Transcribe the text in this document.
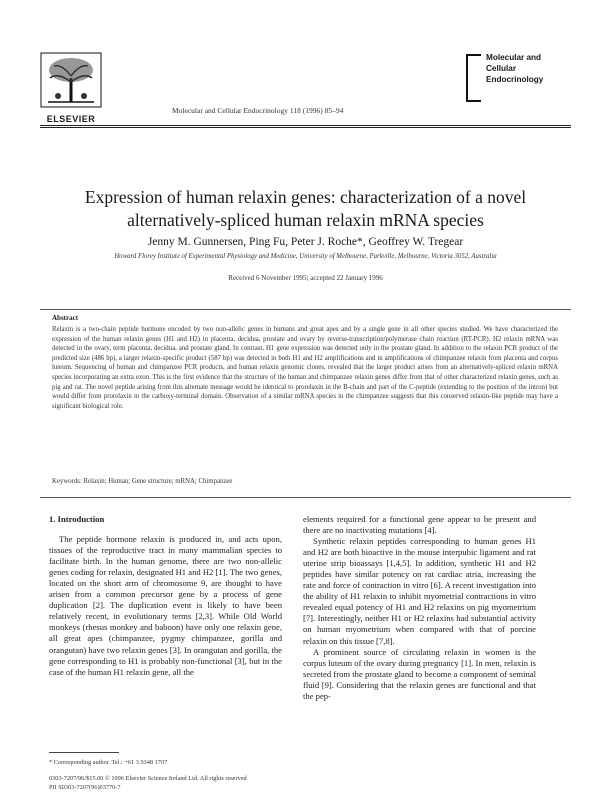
ELSEVIER
Molecular and Cellular Endocrinology 118 (1996) 85–94
Molecular and
Cellular
Endocrinology
Expression of human relaxin genes: characterization of a novel
alternatively-spliced human relaxin mRNA species
Jenny M. Gunnersen, Ping Fu, Peter J. Roche*, Geoffrey W. Tregear
Howard Florey Institute of Experimental Physiology and Medicine, University of Melbourne, Parkville, Melbourne, Victoria 3052, Australia
Received 6 November 1995; accepted 22 January 1996
Abstract
Relaxin is a two-chain peptide hormone encoded by two non-allelic genes in humans and great apes and by a single gene in all other species studied. We have characterized the expression of the human relaxin genes (H1 and H2) in placenta, decidua, prostate and ovary by reverse-transcription/polymerase chain reaction (RT-PCR). H2 relaxin mRNA was detected in the ovary, term placenta, decidua, and prostate gland. In contrast, H1 gene expression was detected only in the prostate gland. In addition to the relaxin PCR product of the predicted size (486 bp), a larger relaxin-specific product (587 bp) was detected in both H1 and H2 amplifications and in amplifications of chimpanzee relaxin from placenta and corpus luteum. Sequencing of human and chimpanzee PCR products, and human relaxin genomic clones, revealed that the larger product arises from an alternatively-spliced relaxin mRNA species incorporating an extra exon. This is the first evidence that the structure of the human and chimpanzee relaxin genes differ from that of other characterized relaxin genes, such as pig and rat. The novel peptide arising from this alternate message would be identical to prorelaxin in the B-chain and part of the C-peptide (extending to the position of the intron) but would differ from prorelaxin in the carboxy-terminal domain. Observation of a similar mRNA species in the chimpanzee suggests that this conserved relaxin-like peptide may have a significant biological role.
Keywords: Relaxin; Human; Gene structure; mRNA; Chimpanzee
1. Introduction

The peptide hormone relaxin is produced in, and acts upon, tissues of the reproductive tract in many mammalian species to facilitate birth. In the human genome, there are two non-allelic genes coding for relaxin, designated H1 and H2 [1]. The two genes, located on the short arm of chromosome 9, are thought to have arisen from a common precursor gene by a process of gene duplication [2]. The duplication event is likely to have been relatively recent, in evolutionary terms [2,3]. While Old World monkeys (rhesus monkey and baboon) have only one relaxin gene, all great apes (chimpanzee, pygmy chimpanzee, gorilla and orangutan) have two relaxin genes [3]. In orangutan and gorilla, the gene corresponding to H1 is probably non-functional [3], but in the case of the human H1 relaxin gene, all the

elements required for a functional gene appear to be present and there are no inactivating mutations [4].

Synthetic relaxin peptides corresponding to human genes H1 and H2 are both bioactive in the mouse interpubic ligament and rat uterine strip bioassays [1,4,5]. In addition, synthetic H1 and H2 peptides have similar potency on rat cardiac atria, increasing the rate and force of contraction in vitro [6]. A recent investigation into the ability of H1 relaxin to inhibit myometrial contractions in vitro revealed equal potency of H1 and H2 relaxins on pig myometrium [7]. Interestingly, neither H1 or H2 relaxins had substantial activity on human myometrium when compared with that of porcine relaxin on this tissue [7,8].

A prominent source of circulating relaxin in women is the corpus luteum of the ovary during pregnancy [1]. In men, relaxin is secreted from the prostate gland to become a component of seminal fluid [9]. Considering that the relaxin genes are functional and that the pep-

* Corresponding author. Tel.: +61 3 9348 1707
0303-7207/96/$15.00 © 1996 Elsevier Science Ireland Ltd. All rights reserved
PII S0303-7207(96)03770-7
